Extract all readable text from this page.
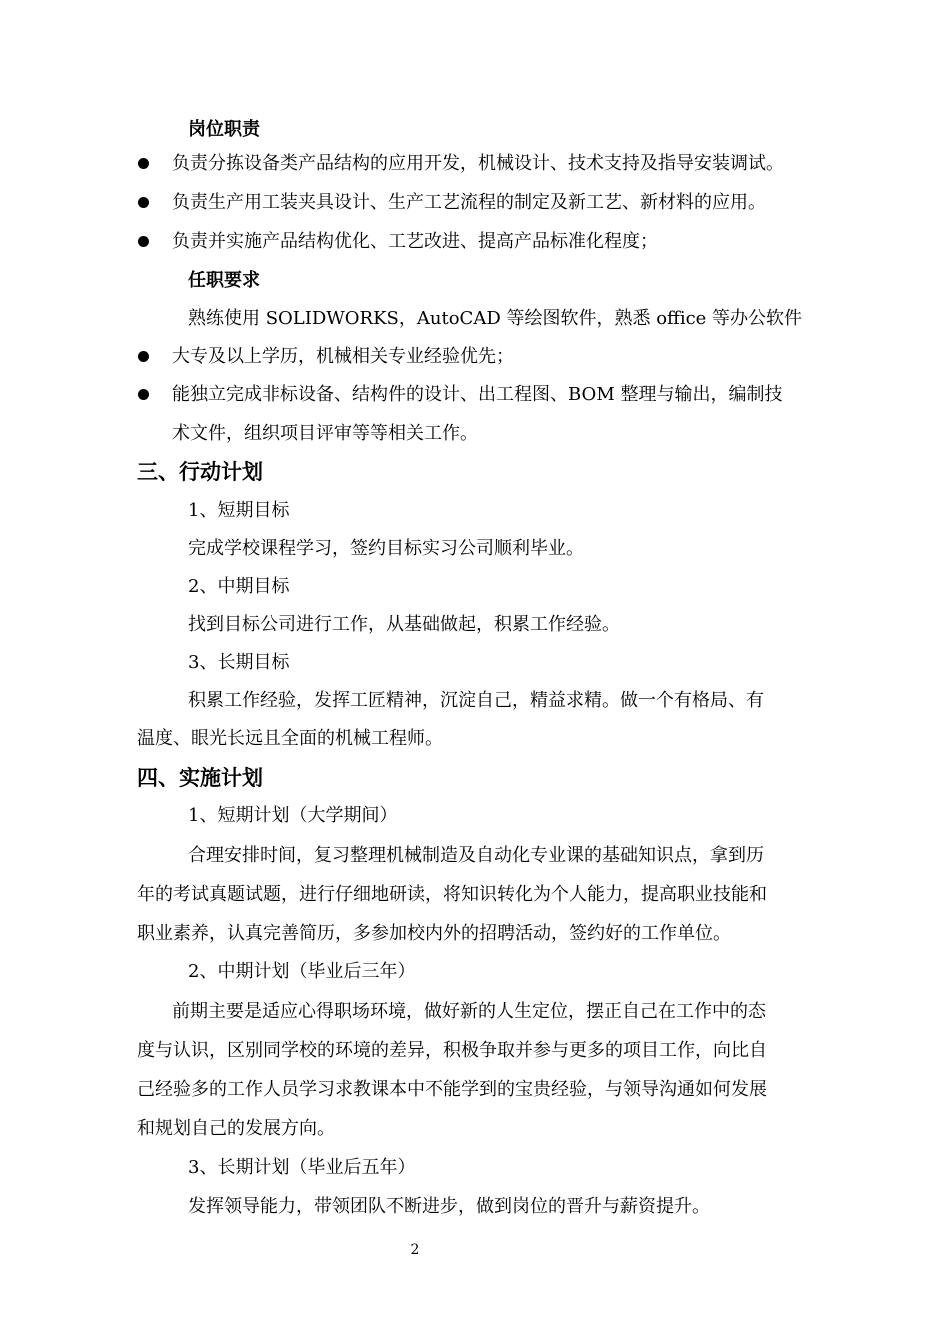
岗位职责
负责分拣设备类产品结构的应用开发，机械设计、技术支持及指导安装调试。
负责生产用工装夹具设计、生产工艺流程的制定及新工艺、新材料的应用。
负责并实施产品结构优化、工艺改进、提高产品标准化程度；
任职要求
熟练使用 SOLIDWORKS，AutoCAD 等绘图软件，熟悉 office 等办公软件
大专及以上学历，机械相关专业经验优先；
能独立完成非标设备、结构件的设计、出工程图、BOM 整理与输出，编制技
术文件，组织项目评审等等相关工作。
三、行动计划
1、短期目标
完成学校课程学习，签约目标实习公司顺利毕业。
2、中期目标
找到目标公司进行工作，从基础做起，积累工作经验。
3、长期目标
积累工作经验，发挥工匠精神，沉淀自己，精益求精。做一个有格局、有
温度、眼光长远且全面的机械工程师。
四、实施计划
1、短期计划（大学期间）
合理安排时间，复习整理机械制造及自动化专业课的基础知识点，拿到历
年的考试真题试题，进行仔细地研读，将知识转化为个人能力，提高职业技能和
职业素养，认真完善简历，多参加校内外的招聘活动，签约好的工作单位。
2、中期计划（毕业后三年）
前期主要是适应心得职场环境，做好新的人生定位，摆正自己在工作中的态
度与认识，区别同学校的环境的差异，积极争取并参与更多的项目工作，向比自
己经验多的工作人员学习求教课本中不能学到的宝贵经验，与领导沟通如何发展
和规划自己的发展方向。
3、长期计划（毕业后五年）
发挥领导能力，带领团队不断进步，做到岗位的晋升与薪资提升。
2
